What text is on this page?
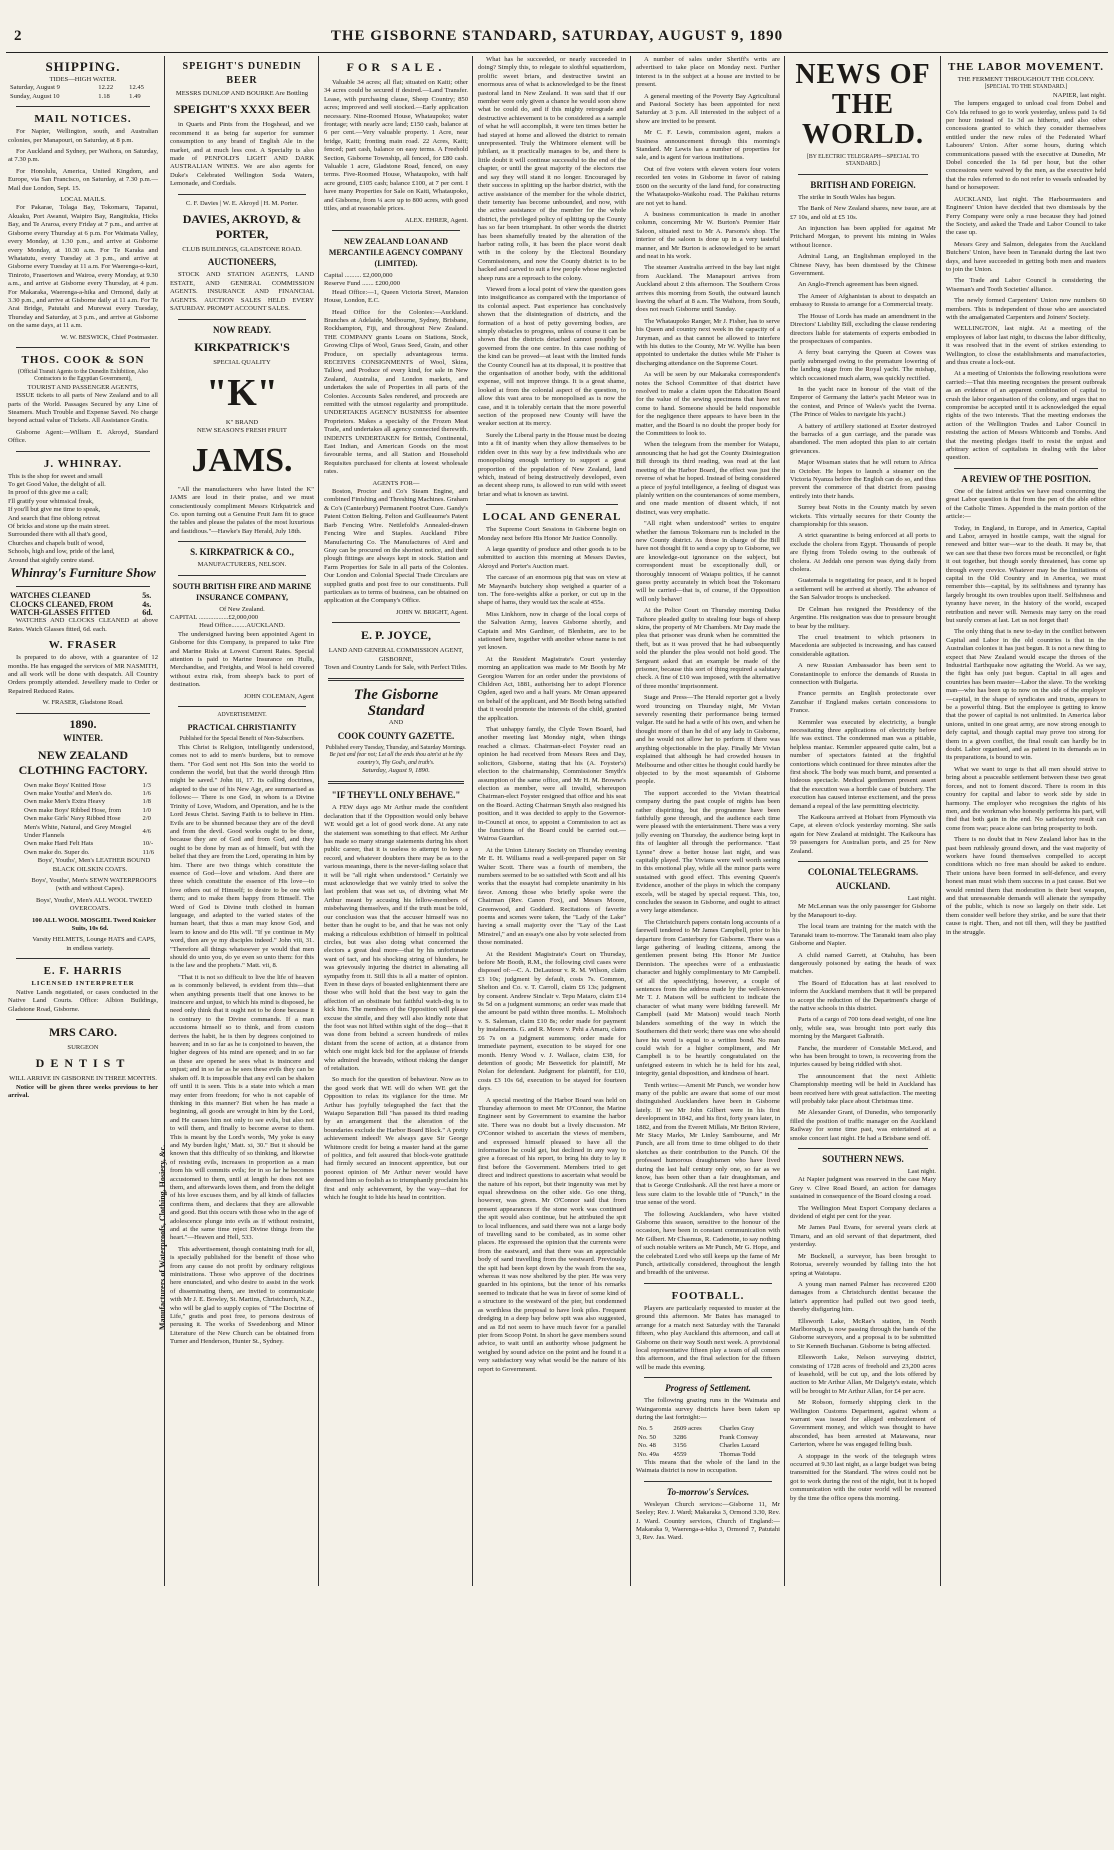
2	THE GISBORNE STANDARD, SATURDAY, AUGUST 9, 1890
SHIPPING.
TIDES—HIGH WATER.
Saturday, August 9	12.22	12.45
Sunday, August 10	1.18	1.49
MAIL NOTICES.

For Napier, Wellington, south, and Australian colonies, per Manapouri, on Saturday, at 8 p.m.

For Auckland and Sydney, per Waihora, on Saturday, at 7.30 p.m.

For Honolulu, America, United Kingdom, and Europe, via San Francisco, on Saturday, at 7.30 p.m.—Mail due London, Sept. 15.

LOCAL MAILS.

For Pakarae, Tolaga Bay, Tokomaru, Tapanui, Akuaku, Port Awanui, Waipiro Bay, Rangitukia, Hicks Bay, and Te Araroa, every Friday at 7 p.m., and arrive at Gisborne every Thursday at 6 p.m. For Waimata Valley, every Monday, at 1.30 p.m., and arrive at Gisborne every Monday, at 10.30 a.m. For Te Karaka and Whatatutu, every Tuesday at 3 p.m., and arrive at Gisborne every Tuesday at 11 a.m. For Waerenga-o-kuri, Tiniroto, Frasertown and Wairoa, every Monday, at 9.30 a.m., and arrive at Gisborne every Thursday, at 4 p.m. For Makaraka, Waerenga-a-hika and Ormond, daily at 3.30 p.m., and arrive at Gisborne daily at 11 a.m. For Te Arai Bridge, Patutahi and Murewai every Tuesday, Thursday and Saturday, at 3 p.m., and arrive at Gisborne on the same days, at 11 a.m.

W. W. BESWICK, Chief Postmaster.
THOS. COOK & SON
(Official Transit Agents to the Dunedin Exhibition, Also Contractors to the Egyptian Government),
TOURIST AND PASSENGER AGENTS,

ISSUE tickets to all parts of New Zealand and to all parts of the World. Passages Secured by any Line of Steamers. Much Trouble and Expense Saved. No charge beyond actual value of Tickets. All Assistance Gratis.

Gisborne Agent:—William E. Akroyd, Standard Office.

J. WHINRAY.
This is the shop for sweet and small
To get Good Value, the delight of all.
In proof of this give me a call;
I'll gratify your whimsical freak,
If you'll but give me time to speak,
And search that fine oblong retreat
Of bricks and stone up the main street.
Surrounded there with all that's good,
Churches and chapels built of wood,
Schools, high and low, pride of the land,
Around that sightly centre stand.
Whinray's Furniture Show
WATCHES CLEANED	5s.
CLOCKS CLEANED, FROM	4s.
WATCH-GLASSES FITTED	6d.

WATCHES AND CLOCKS CLEANED at above Rates. Watch Glasses fitted, 6d. each.

W. FRASER

Is prepared to do above, with a guarantee of 12 months. He has engaged the services of MR NASMITH, and all work will be done with despatch. All Country Orders promptly attended. Jewellery made to Order or Repaired Reduced Rates.

W. FRASER, Gladstone Road.
1890.
WINTER.
NEW ZEALAND CLOTHING FACTORY.
Own make Boys' Knitted Hose	1/3
Own make Youths' and Men's do.	1/6
Own make Men's Extra Heavy	1/8
Own make Boys' Ribbed Hose, from	1/0
Own make Girls' Navy Ribbed Hose	2/0
Men's White, Natural, and Grey Mosgiel Under Flannels	4/6
Own make Hard Felt Hats	10/-
Own make do. Super do.	11/6

Boys', Youths', Men's LEATHER BOUND BLACK OILSKIN COATS.

Boys', Youths', Men's SEWN WATERPROOFS (with and without Capes).

Boys', Youths', Men's ALL WOOL TWEED OVERCOATS.

100 ALL WOOL MOSGIEL Tweed Knicker Suits, 10s 6d.

Varsity HELMETS, Lounge HATS and CAPS, in endless variety.

E. F. HARRIS
LICENSED INTERPRETER

Native Lands negotiated, or cases conducted in the Native Land Courts. Office: Albion Buildings, Gladstone Road, Gisborne.

MRS CARO.
SURGEON
DENTIST
WILL ARRIVE IN GISBORNE IN THREE MONTHS.

Notice will be given three weeks previous to her arrival.

SPEIGHT'S DUNEDIN BEER
MESSRS DUNLOP AND BOURKE Are Bottling
SPEIGHT'S XXXX BEER

in Quarts and Pints from the Hogshead, and we recommend it as being far superior for summer consumption to any brand of English Ale in the market, and at much less cost. A Specialty is also made of PENFOLD'S LIGHT AND DARK AUSTRALIAN WINES. We are also agents for Duke's Celebrated Wellington Soda Waters, Lemonade, and Cordials.

C. F. Davies | W. E. Akroyd | H. M. Porter.
DAVIES, AKROYD, & PORTER,
CLUB BUILDINGS, GLADSTONE ROAD.
AUCTIONEERS,

STOCK AND STATION AGENTS, LAND ESTATE, AND GENERAL COMMISSION AGENTS. INSURANCE AND FINANCIAL AGENTS. AUCTION SALES HELD EVERY SATURDAY. PROMPT ACCOUNT SALES.

NOW READY.
KIRKPATRICK'S
SPECIAL QUALITY
"K"
K" BRAND
NEW SEASON'S FRESH FRUIT
JAMS.

"All the manufacturers who have listed the K" JAMS are loud in their praise, and we must conscientiously compliment Messrs Kirkpatrick and Co. upon turning out a Genuine Fruit Jam fit to grace the tables and please the palates of the most luxurious and fastidious."—Hawke's Bay Herald, July 18th.

S. KIRKPATRICK & CO.,
MANUFACTURERS, NELSON.
SOUTH BRITISH FIRE AND MARINE INSURANCE COMPANY,
Of New Zealand.
CAPITAL ..................£2,000,000
Head Office.........AUCKLAND.

The undersigned having been appointed Agent in Gisborne for this Company, is prepared to take Fire and Marine Risks at Lowest Current Rates. Special attention is paid to Marine Insurance on Hulls, Merchandise, and Freights, and Wool is held covered without extra risk, from sheep's back to port of destination.

JOHN COLEMAN, Agent
ADVERTISEMENT.
PRACTICAL CHRISTIANITY
Published for the Special Benefit of Non-Subscribers.

This Christ is Religion, intelligently understood, comes not to add to men's burdens, but to remove them. "For God sent not His Son into the world to condemn the world, but that the world through Him might be saved." John iii, 17. Its calling doctrines, adapted to the use of his New Age, are summarised as follows:— There is one God, in whom is a Divine Trinity of Love, Wisdom, and Operation, and he is the Lord Jesus Christ. Saving Faith is to believe in Him. Evils are to be shunned because they are of the devil and from the devil. Good works ought to be done, because they are of God and from God, and they ought to be done by man as of himself, but with the belief that they are from the Lord, operating in him by him. There are two things which constitute the essence of God—love and wisdom. And there are three which constitute the essence of His love—to love others out of Himself; to desire to be one with them; and to make them happy from Himself. The Word of God is Divine truth clothed in human language, and adapted to the varied states of the human heart, that thus a man may know God, and learn to know and do His will. "If ye continue in My word, then are ye my disciples indeed." John viii, 31. "Therefore all things whatsoever ye would that men should do unto you, do ye even so unto them: for this is the law and the prophets." Matt. vii, 8.

"That it is not so difficult to live the life of heaven as is commonly believed, is evident from this—that when anything presents itself that one knows to be insincere and unjust, to which his mind is disposed, he need only think that it ought not to be done because it is contrary to the Divine commands. If a man accustoms himself so to think, and from custom derives the habit, he is then by degrees conjoined to heaven; and in so far as he is conjoined to heaven, the higher degrees of his mind are opened; and in so far as these are opened he sees what is insincere and unjust; and in so far as he sees these evils they can be shaken off. It is impossible that any evil can be shaken off until it is seen. This is a state into which a man may enter from freedom; for who is not capable of thinking in this manner? But when he has made a beginning, all goods are wrought in him by the Lord, and He causes him not only to see evils, but also not to will them, and finally to become averse to them. This is meant by the Lord's words, 'My yoke is easy and My burden light,' Matt. xi, 30." But it should be known that this difficulty of so thinking, and likewise of resisting evils, increases in proportion as a man from his will commits evils; for in so far he becomes accustomed to them, until at length he does not see them, and afterwards loves them, and from the delight of his love excuses them, and by all kinds of fallacies confirms them, and declares that they are allowable and good. But this occurs with those who in the age of adolescence plunge into evils as if without restraint, and at the same time reject Divine things from the heart."—Heaven and Hell, 533.

This advertisement, though containing truth for all, is specially published for the benefit of those who from any cause do not profit by ordinary religious ministrations. Those who approve of the doctrines here enunciated, and who desire to assist in the work of disseminating them, are invited to communicate with Mr J. E. Bowley, St. Martins, Christchurch, N.Z., who will be glad to supply copies of "The Doctrine of Life," gratis and post free, to persons desirous of perusing it. The works of Swedenborg and Minor Literature of the New Church can be obtained from Turner and Henderson, Hunter St., Sydney.

Manufacturers of Waterproofs, Clothing, Hosiery, &c.
FOR SALE.

Valuable 34 acres; all flat; situated on Kaiti; other 34 acres could be secured if desired.—Land Transfer. Lease, with purchasing clause, Sheep Country; 850 acres; improved and well stocked.—Early application necessary. Nine-Roomed House, Whataupoko; water frontage; with nearly acre land; £150 cash, balance at 6 per cent.—Very valuable property. 1 Acre, near bridge, Kaiti; fronting main road. 22 Acres, Kaiti; fenced; part cash, balance on easy terms. A Freehold Section, Gisborne Township, all fenced, for £80 cash. Valuable 1 acre, Gladstone Road, fenced, on easy terms. Five-Roomed House, Whataupoko, with half acre ground, £105 cash; balance £100, at 7 per cent. I have many Properties for Sale on Kaiti, Whataupoko, and Gisborne, from ¼ acre up to 800 acres, with good titles, and at reasonable prices.

ALEX. EHRER, Agent.
NEW ZEALAND LOAN AND MERCANTILE AGENCY COMPANY (LIMITED).
Capital .......... £2,000,000
Reserve Fund ....... £200,000

Head Office:—1, Queen Victoria Street, Mansion House, London, E.C.

Head Office for the Colonies:—Auckland. Branches at Adelaide, Melbourne, Sydney, Brisbane, Rockhampton, Fiji, and throughout New Zealand. THE COMPANY grants Loans on Stations, Stock, Growing Clips of Wool, Grass Seed, Grain, and other Produce, on specially advantageous terms. RECEIVES CONSIGNMENTS of Wool, Skins, Tallow, and Produce of every kind, for sale in New Zealand, Australia, and London markets, and undertakes the sale of Properties in all parts of the Colonies. Accounts Sales rendered, and proceeds are remitted with the utmost regularity and promptitude. UNDERTAKES AGENCY BUSINESS for absentee Proprietors. Makes a specialty of the Frozen Meat Trade, and undertakes all agency connected therewith. INDENTS UNDERTAKEN for British, Continental, East Indian, and American Goods on the most favourable terms, and all Station and Household Requisites purchased for clients at lowest wholesale rates.

AGENTS FOR—

Boston, Proctor and Co's Steam Engine, and combined Finishing and Threshing Machines. Graham & Co's (Canterbury) Permanent Footrot Cure. Gandy's Patent Cotton Belting. Felton and Guilleaume's Patent Barb Fencing Wire. Nettlefold's Annealed-drawn Fencing Wire and Staples. Auckland Fibre Manufacturing Co. The Manufactures of Aird and Gray can be procured on the shortest notice, and their plough fittings are always kept in stock. Station and Farm Properties for Sale in all parts of the Colonies. Our London and Colonial Special Trade Circulars are supplied gratis and post free to our constituents. Full particulars as to terms of business, can be obtained on application at the Company's Office.

JOHN W. BRIGHT, Agent.
E. P. JOYCE,
LAND AND GENERAL COMMISSION AGENT, GISBORNE,
Town and Country Lands for Sale, with Perfect Titles.
The Gisborne Standard
AND
COOK COUNTY GAZETTE.
Published every Tuesday, Thursday, and Saturday Mornings.
Be just and fear not; Let all the ends thou aim'st at be thy country's, Thy God's, and truth's.
Saturday, August 9, 1890.
"IF THEY'LL ONLY BEHAVE."

A FEW days ago Mr Arthur made the confident declaration that if the Opposition would only behave WE would get a lot of good work done. At any rate the statement was something to that effect. Mr Arthur has made so many strange statements during his short public career, that it is useless to attempt to keep a record, and whatever doubters there may be as to the various meanings, there is the never-failing solace that it will be "all right when understood." Certainly we must acknowledge that we vainly tried to solve the last problem that was set us, of divining what Mr Arthur meant by accusing his fellow-members of misbehaving themselves, and if the truth must be told, our conclusion was that the accuser himself was no better than he ought to be, and that he was not only making a ridiculous exhibition of himself in political circles, but was also doing what concerned the electors a great deal more—that by his unfortunate want of tact, and his shocking string of blunders, he was grievously injuring the district in alienating all sympathy from it. Still this is all a matter of opinion. Even in these days of boasted enlightenment there are those who will hold that the best way to gain the affection of an obstinate but faithful watch-dog is to kick him. The members of the Opposition will please excuse the simile, and they will also kindly note that the foot was not lifted within sight of the dog—that it was done from behind a screen hundreds of miles distant from the scene of action, at a distance from which one might kick bid for the applause of friends who admired the bravado, without risking the danger of retaliation.

So much for the question of behaviour. Now as to the good work that WE will do when WE get the Opposition to relax its vigilance for the time. Mr Arthur has joyfully telegraphed the fact that the Waiapu Separation Bill "has passed its third reading by an arrangement that the alteration of the boundaries exclude the Harbor Board Block." A pretty achievement indeed! We always gave Sir George Whitmore credit for being a master hand at the game of politics, and felt assured that block-vote gratitude had firmly secured an innocent apprentice, but our poorest opinion of Mr Arthur never would have deemed him so foolish as to triumphantly proclaim his first and only achievement, by the way—that for which he fought to hide his head in contrition.

What has he succeeded, or nearly succeeded in doing? Simply this, to relegate to slothful squatterdom, prolific sweet briars, and destructive tawini an enormous area of what is acknowledged to be the finest pastoral land in New Zealand. It was said that if our member were only given a chance he would soon show what he could do, and if this mighty retrograde and destructive achievement is to be considered as a sample of what he will accomplish, it were ten times better he had stayed at home and allowed the district to remain unrepresented. Truly the Whitmore element will be jubilant, as it practically manages to be, and there is little doubt it will continue successful to the end of the chapter, or until the great majority of the electors rise and say they will stand it no longer. Encouraged by their success in splitting up the harbor district, with the active assistance of the member for the whole district, their temerity has become unbounded, and now, with the active assistance of the member for the whole district, the privileged policy of splitting up the County has so far been triumphant. In other words the district has been shamefully treated by the alteration of the harbor rating rolls, it has been the place worst dealt with in the colony by the Electoral Boundary Commissioners, and now the County district is to be hacked and carved to suit a few people whose neglected sheep runs are a reproach to the colony.

Viewed from a local point of view the question goes into insignificance as compared with the importance of its colonial aspect. Past experience has conclusively shown that the disintegration of districts, and the formation of a host of petty governing bodies, are simply obstacles to progress, unless of course it can be shown that the districts detached cannot possibly be governed from the one centre. In this case nothing of the kind can be proved—at least with the limited funds the County Council has at its disposal, it is positive that the organisation of another body, with the additional expense, will not improve things. It is a great shame, looked at from the colonial aspect of the question, to allow this vast area to be monopolised as is now the case, and it is tolerably certain that the more powerful section of the proposed new County will have the weaker section at its mercy.

Surely the Liberal party in the House must be dozing into a fit of inanity when they allow themselves to be ridden over in this way by a few individuals who are monopolising enough territory to support a great proportion of the population of New Zealand, land which, instead of being destructively developed, even as decent sheep runs, is allowed to run wild with sweet briar and what is known as tawini.

LOCAL AND GENERAL

The Supreme Court Sessions in Gisborne begin on Monday next before His Honor Mr Justice Connolly.

A large quantity of produce and other goods is to be submitted to auction this morning at Messrs Davies, Akroyd and Porter's Auction mart.

The carcase of an enormous pig that was on view at Mr Maynard's butchery shop weighed a quarter of a ton. The fore-weights alike a porker, or cut up in the shape of hams, they would tax the scale at 455s.

Miss Linkhorn, now in charge of the local corps of the Salvation Army, leaves Gisborne shortly, and Captain and Mrs Gardiner, of Blenheim, are to be stationed here, together with another whose name is not yet known.

At the Resident Magistrate's Court yesterday morning an application was made to Mr Booth by Mr Georgiou Warren for an order under the provisions of Children Act, 1881, authorising her to adopt Florence Ogden, aged two and a half years. Mr Oman appeared on behalf of the applicant, and Mr Booth being satisfied that it would promote the interests of the child, granted the application.

That unhappy family, the Clyde Town Board, had another meeting last Monday night, when things reached a climax. Chairman-elect Foyster read an opinion he had received from Messrs Rees and Day, solicitors, Gisborne, stating that his (A. Foyster's) election to the chairmanship, Commissioner Smyth's assumption of the same office, and Mr H. M. Browne's election as member, were all invalid, whereupon Chairman-elect Foyster resigned that office and his seat on the Board. Acting Chairman Smyth also resigned his position, and it was decided to apply to the Governor-in-Council at once, to appoint a Commission to act as the functions of the Board could be carried out.—Wairoa Guardian.

At the Union Literary Society on Thursday evening Mr E. H. Williams read a well-prepared paper on Sir Walter Scott. There was a fourth of members, the numbers seemed to be so satisfied with Scott and all his works that the essayist had complete unanimity in his favor. Among those who briefly spoke were the Chairman (Rev. Canon Fox), and Messrs Moore, Greenwood, and Goddard. Recitations of favorite poems and scenes were taken, the "Lady of the Lake" having a small majority over the "Lay of the Last Minstrel," and an essay's one also by vote selected from those nominated.

At the Resident Magistrate's Court on Thursday, before Mr Booth, R.M., the following civil cases were disposed of:—C. A. DeLautour v. R. M. Wilson, claim £3 10s; judgment by default, costs 7s. Common, Shelton and Co. v. T. Carroll, claim £6 13s; judgment by consent. Andrew Sinclair v. Tepu Mataro, claim £14 9s 5d on a judgment summons; an order was made that the amount be paid within three months. L. Moltshoch v. S. Saleman, claim £10 8s; order made for payment by instalments. G. and R. Moore v. Pehi a Amaru, claim £6 7s on a judgment summons; order made for immediate payment, execution to be stayed for one month. Henry Wood v. J. Wallace, claim £38, for detention of goods; Mr Beswetick for plaintiff, Mr Nolan for defendant. Judgment for plaintiff, for £10, costs £3 10s 6d, execution to be stayed for fourteen days.

A special meeting of the Harbor Board was held on Thursday afternoon to meet Mr O'Connor, the Marine Engineer sent by Government to examine the harbor site. There was no doubt but a lively discussion. Mr O'Connor wished to ascertain the views of members, and expressed himself pleased to have all the information he could get, but declined in any way to give a forecast of his report, to bring his duty to lay it first before the Government. Members tried to get direct and indirect questions to ascertain what would be the nature of his report, but their ingenuity was met by equal shrewdness on the other side. Go one thing, however, was given. Mr O'Connor said that from present appearances if the stone work was continued the spit would also continue, but he attributed the spit to local influences, and said there was not a large body of travelling sand to be combated, as in some other places. He expressed the opinion that the currents were from the eastward, and that there was an appreciable body of sand travelling from the westward. Previously the spit had been kept down by the wash from the sea, whereas it was now sheltered by the pier. He was very guarded in his opinions, but the tenor of his remarks seemed to indicate that he was in favor of some kind of a structure to the westward of the pier, but condemned as worthless the proposal to have look piles. Frequent dredging in a deep bay below spit was also suggested, and as Ed not seem to have much favor for a parallel pier from Scoop Point. In short he gave members sound advice, to wait until an authority whose judgment he weighed by sound advice on the point and he found it a very satisfactory way what would be the nature of his report to Government.

A number of sales under Sheriff's writs are advertised to take place on Monday next. Further interest is in the subject at a house are invited to be present.

A general meeting of the Poverty Bay Agricultural and Pastoral Society has been appointed for next Saturday at 3 p.m. All interested in the subject of a show are invited to be present.

Mr C. F. Lewis, commission agent, makes a business announcement through this morning's Standard. Mr Lewis has a number of properties for sale, and is agent for various institutions.

Out of five voters with eleven voters four voters recorded ten votes in Gisborne in favor of raising £600 on the security of the land fund, for constructing the Whataupoko-Waikohu road. The Pakihau returns are not yet to hand.

A business communication is made in another column, concerning Mr W. Burton's Premier Hair Saloon, situated next to Mr A. Parsons's shop. The interior of the saloon is done up in a very tasteful manner, and Mr Burton is acknowledged to be smart and neat in his work.

The steamer Australia arrived in the bay last night from Auckland. The Manapouri arrives from Auckland about 2 this afternoon. The Southern Cross arrives this morning from South, the outward launch leaving the wharf at 8 a.m. The Waihora, from South, does not reach Gisborne until Sunday.

The Whataupoko Ranger, Mr J. Fisher, has to serve his Queen and country next week in the capacity of a Juryman, and as that cannot be allowed to interfere with his duties to the County, Mr W. Wyllie has been appointed to undertake the duties while Mr Fisher is discharging attendance on the Supreme Court.

As will be seen by our Makaraka correspondent's notes the School Committee of that district have resolved to make a claim upon the Education Board for the value of the sewing specimens that have not come to hand. Someone should be held responsible for the negligence there appears to have been in the matter, and the Board is no doubt the proper body for the Committees to look to.

When the telegram from the member for Waiapu, announcing that he had got the County Disintegration Bill through its third reading, was read at the last meeting of the Harbor Board, the effect was just the reverse of what he hoped. Instead of being considered a piece of joyful intelligence, a feeling of disgust was plainly written on the countenances of some members, and one made mention of dissent which, if not distinct, was very emphatic.

"All right when understood" writes to enquire whether the famous Tokomaru run is included in the new County district. As those in charge of the Bill have not thought fit to send a copy up to Gisborne, we are knowledge-out ignorance on the subject, but correspondent must be exceptionally dull, or thoroughly innocent of Waiapu politics, if he cannot guess pretty accurately in which boat the Tokomaru will be carried—that is, of course, if the Opposition will only behave!

At the Police Court on Thursday morning Daika Taihore pleaded guilty to stealing four bags of sheep skins, the property of Mr Chambers. Mr Day made the plea that prisoner was drunk when he committed the theft, but as it was proved that he had subsequently sold the plunder the plea would not hold good. The Sergeant asked that an example be made of the prisoner, because this sort of thing required a salutary check. A fine of £10 was imposed, with the alternative of three months' imprisonment.

Stage and Press—The Herald reporter got a lively word trouncing on Thursday night, Mr Vivian severely resenting their performance being termed vulgar. He said he had a wife of his own, and when he thought more of than he did of any lady in Gisborne, and he would not allow her to perform if there was anything objectionable in the play. Finally Mr Vivian explained that although he had crowded houses in Melbourne and other cities he thought could hardly be objected to by the most squeamish of Gisborne people.

The support accorded to the Vivian theatrical company during the past couple of nights has been rather dispiriting, but the programme have been faithfully gone through, and the audience each time were pleased with the entertainment. There was a very jolly evening on Thursday, the audience being kept in fits of laughter all through the performance. "East Lynne" drew a better house last night, and was capitally played. The Vivians were well worth seeing in this emotional play, while all the minor parts were sustained with good effect. This evening Queen's Evidence, another of the plays in which the company excels, will be staged by special request. This, too, concludes the season in Gisborne, and ought to attract a very large attendance.

The Christchurch papers contain long accounts of a farewell tendered to Mr James Campbell, prior to his departure from Canterbury for Gisborne. There was a large gathering of leading citizens, among the gentlemen present being His Honor Mr Justice Denniston. The speeches were of a enthusiastic character and highly complimentary to Mr Campbell. Of all the speechifying, however, a couple of sentences from the address made by the well-known Mr T. J. Matson will be sufficient to indicate the character of what many were bidding farewell. Mr Campbell (said Mr Matson) would teach North Islanders something of the way in which the Southerners did their work; there was one who should have his word is equal to a written bond. No man could wish for a higher compliment, and Mr Campbell is to be heartily congratulated on the unfeigned esteem in which he is held for his zeal, integrity, genial disposition, and kindness of heart.

Tenth writes:—Amenit Mr Punch, we wonder how many of the public are aware that some of our most distinguished Aucklanders have been in Gisborne lately. If we Mr John Gilbert were in his first development in 1842, and his first, forty years later, in 1882, and from the Everett Millais, Mr Briton Riviere, Mr Stacy Marks, Mr Linley Sambourne, and Mr Punch, are all from time to time obliged to do their sketches as their contribution to the Punch. Of the professed humorous draughtsmen who have lived during the last half century only one, so far as we know, has been other than a fair draughtsman, and that is George Cruikshank. All the rest have a more or less sure claim to the lovable title of "Punch," in the true sense of the word.

The following Aucklanders, who have visited Gisborne this season, sensitive to the honour of the occasion, have been in constant communication with Mr Gilbert. Mr Chasmus, R. Cadenotte, to say nothing of such notable writers as Mr Punch, Mr G. Hope, and the celebrated Lord who still keeps up the fame of Mr Punch, artistically considered, throughout the length and breadth of the universe.

FOOTBALL.

Players are particularly requested to muster at the ground this afternoon. Mr Bates has managed to arrange for a match next Saturday with the Taranaki fifteen, who play Auckland this afternoon, and call at Gisborne on their way South next week. A provisional local representative fifteen play a team of all comers this afternoon, and the final selection for the fifteen will be made this evening.

Progress of Settlement.

The following grazing runs in the Waimata and Waingaromia survey districts have been taken up during the last fortnight:—

No. 5	2609 acres	Charles Gray
No. 50	3286	Frank Conway
No. 48	3156	Charles Lazard
No. 49a	4559	Thomas Todd

This means that the whole of the land in the Waimata district is now in occupation.

To-morrow's Services.

Wesleyan Church services:—Gisborne 11, Mr Seeley; Rev. J. Ward; Makaraka 3, Ormond 3.30, Rev. J. Ward. Country services, Church of England:—Makaraka 9, Waerenga-a-hika 3, Ormond 7, Patutahi 3, Rev. Jas. Ward.

NEWS OF THE WORLD.
[BY ELECTRIC TELEGRAPH—SPECIAL TO STANDARD.]
BRITISH AND FOREIGN.

The strike in South Wales has begun.

The Bank of New Zealand shares, new issue, are at £7 10s, and old at £5 10s.

An injunction has been applied for against Mr Pritchard Morgan, to prevent his mining in Wales without licence.

Admiral Lang, an Englishman employed in the Chinese Navy, has been dismissed by the Chinese Government.

An Anglo-French agreement has been signed.

The Ameer of Afghanistan is about to despatch an embassy to Russia to arrange for a Commercial treaty.

The House of Lords has made an amendment in the Directors' Liability Bill, excluding the clause rendering directors liable for statements of experts embodied in the prospectuses of companies.

A ferry boat carrying the Queen at Cowes was partly submerged owing to the premature lowering of the landing stage from the Royal yacht. The mishap, which occasioned much alarm, was quickly rectified.

In the yacht race in honour of the visit of the Emperor of Germany the latter's yacht Meteor was in the contest, and Prince of Wales's yacht the Iverna. (The Prince of Wales to navigate his yacht.)

A battery of artillery stationed at Exeter destroyed the barracks of a gun carriage, and the parade was abandoned. The men adopted this plan to air certain grievances.

Major Wissman states that he will return to Africa in October. He hopes to launch a steamer on the Victoria Nyanza before the English can do so, and thus prevent the commerce of that district from passing entirely into their hands.

Surrey beat Notts in the County match by seven wickets. This virtually secures for their County the championship for this season.

A strict quarantine is being enforced at all ports to exclude the cholera from Egypt. Thousands of people are flying from Toledo owing to the outbreak of cholera. At Jeddah one person was dying daily from cholera.

Guatemala is negotiating for peace, and it is hoped a settlement will be arrived at shortly. The advance of the San Salvador troops is unchecked.

Dr Celman has resigned the Presidency of the Argentine. His resignation was due to pressure brought to bear by the military.

The cruel treatment to which prisoners in Macedonia are subjected is increasing, and has caused considerable agitation.

A new Russian Ambassador has been sent to Constantinople to enforce the demands of Russia in connection with Bulgaria.

France permits an English protectorate over Zanzibar if England makes certain concessions to France.

Kemmler was executed by electricity, a bungle necessitating three applications of electricity before life was extinct. The condemned man was a pitiable, helpless maniac. Kemmler appeared quite calm, but a number of spectators fainted at the frightful contortions which continued for three minutes after the first shock. The body was much burnt, and presented a hideous spectacle. Medical gentlemen present assert that the execution was a horrible case of butchery. The execution has caused intense excitement, and the press demand a repeal of the law permitting electricity.

The Kaikoura arrived at Hobart from Plymouth via Cape, at eleven o'clock yesterday morning. She sails again for New Zealand at midnight. The Kaikoura has 59 passengers for Australian ports, and 25 for New Zealand.

COLONIAL TELEGRAMS.
AUCKLAND.
Last night.

Mr McLennan was the only passenger for Gisborne by the Manapouri to-day.

The local team are training for the match with the Taranaki team to-morrow. The Taranaki team also play Gisborne and Napier.

A child named Garrett, at Otahuhu, has been dangerously poisoned by eating the heads of wax matches.

The Board of Education has at last resolved to inform the Auckland members that it will be prepared to accept the reduction of the Department's charge of the native schools in this district.

Parts of a cargo of 700 tons dead weight, of one line only, while sea, was brought into port early this morning by the Margaret Galbraith.

Fanche, the murderer of Constable McLeod, and who has been brought to town, is recovering from the injuries caused by being riddled with shot.

The announcement that the next Athletic Championship meeting will be held in Auckland has been received here with great satisfaction. The meeting will probably take place about Christmas time.

Mr Alexander Grant, of Dunedin, who temporarily filled the position of traffic manager on the Auckland Railway for some time past, was entertained at a smoke concert last night. He had a Brisbane send off.

SOUTHERN NEWS.
Last night.

At Napier judgment was reserved in the case Mary Grey v. Clive Road Board, an action for damages sustained in consequence of the Board closing a road.

The Wellington Meat Export Company declares a dividend of eight per cent for the year.

Mr James Paul Evans, for several years clerk at Timaru, and an old servant of that department, died yesterday.

Mr Bucknell, a surveyor, has been brought to Rotorua, severely wounded by falling into the hot spring at Waiotapu.

A young man named Palmer has recovered £200 damages from a Christchurch dentist because the latter's apprentice had pulled out two good teeth, thereby disfiguring him.

Ellsworth Lake, McRae's station, in North Marlborough, is now passing through the hands of the Gisborne surveyors, and a proposal is to be submitted to Sir Kenneth Buchanan. Gisborne is being affected.

Ellesworth Lake, Nelson surveying district, consisting of 1728 acres of freehold and 23,200 acres of leasehold, will be cut up, and the lots offered by auction to Mr Arthur Allan, Mr Dalgety's estate, which will be brought to Mr Arthur Allan, for £4 per acre.

Mr Robson, formerly shipping clerk in the Wellington Customs Department, against whom a warrant was issued for alleged embezzlement of Government money, and which was thought to have absconded, has been arrested at Matawana, near Carterton, where he was engaged felling bush.

A stoppage in the work of the telegraph wires occurred at 9.30 last night, as a large budget was being transmitted for the Standard. The wires could not be got to work during the rest of the night, but it is hoped communication with the outer world will be resumed by the time the office opens this morning.

THE LABOR MOVEMENT.
THE FERMENT THROUGHOUT THE COLONY.
[SPECIAL TO THE STANDARD.]
NAPIER, last night.

The lumpers engaged to unload coal from Dobel and Co's Ida refused to go to work yesterday, unless paid 1s 6d per hour instead of 1s 3d as hitherto, and also other concessions granted to which they consider themselves entitled under the new rules of the Federated Wharf Labourers' Union. After some hours, during which communications passed with the executive at Dunedin, Mr Dobel conceded the 1s 6d per hour, but the other concessions were waived by the men, as the executive held that the rules referred to do not refer to vessels unloaded by hand or horsepower.

AUCKLAND, last night. The Harbourmasters and Engineers' Union have decided that two dismissals by the Ferry Company were only a ruse because they had joined the Society, and asked the Trade and Labor Council to take the case up.

Messrs Grey and Salmon, delegates from the Auckland Butchers' Union, have been in Taranaki during the last two days, and have succeeded in getting both men and masters to join the Union.

The Trade and Labor Council is considering the Wiseman's and Tooth Societies' alliance.

The newly formed Carpenters' Union now numbers 60 members. This is independent of those who are associated with the amalgamated Carpenters and Joiners' Society.

WELLINGTON, last night. At a meeting of the employees of labor last night, to discuss the labor difficulty, it was resolved that in the event of strikes extending to Wellington, to close the establishments and manufactories, and thus create a lock-out.

At a meeting of Unionists the following resolutions were carried:—That this meeting recognises the present outbreak as an evidence of an apparent combination of capital to crush the labor organisation of the colony, and urges that no compromise be accepted until it is acknowledged the equal rights of the two interests. That the meeting endorses the action of the Wellington Trades and Labor Council in resisting the action of Messrs Whitcomb and Tombs. And that the meeting pledges itself to resist the unjust and arbitrary action of capitalists in dealing with the labor question.

A REVIEW OF THE POSITION.

One of the fairest articles we have read concerning the great Labor question is that from the pen of the able editor of the Catholic Times. Appended is the main portion of the article:—

Today, in England, in Europe, and in America, Capital and Labor, arrayed in hostile camps, wait the signal for renewed and bitter war—war to the death. It may be, that we can see that these two forces must be reconciled, or fight it out together, but though sorely threatened, has come up through every crevice. Whatever may be the limitations of capital in the Old Country and in America, we must remember this—capital, by its selfishness and tyranny has largely brought its own troubles upon itself. Selfishness and tyranny have never, in the history of the world, escaped retribution and never will. Nemesis may tarry on the road but surely comes at last. Let us not forget that!

The only thing that is new to-day in the conflict between Capital and Labor in the old countries is that in the Australian colonies it has just begun. It is not a new thing to expect that New Zealand would escape the throes of the Industrial Earthquake now agitating the World. As we say, the fight has only just begun. Capital in all ages and countries has been master—Labor the slave. To the working man—who has been up to now on the side of the employer—capital, in the shape of syndicates and trusts, appears to be a powerful thing. But the employee is getting to know that the power of capital is not unlimited. In America labor unions, united in one great army, are now strong enough to defy capital, and though capital may prove too strong for them in a given conflict, the final result can hardly be in doubt. Labor organised, and as patient in its demands as in its preparations, is bound to win.

What we want to urge is that all men should strive to bring about a peaceable settlement between these two great forces, and not to foment discord. There is room in this country for capital and labor to work side by side in harmony. The employer who recognises the rights of his men, and the workman who honestly performs his part, will find that both gain in the end. No satisfactory result can come from war; peace alone can bring prosperity to both.

There is no doubt that in New Zealand labor has in the past been ruthlessly ground down, and the vast majority of workers have found themselves compelled to accept conditions which no free man should be asked to endure. Their unions have been formed in self-defence, and every honest man must wish them success in a just cause. But we would remind them that moderation is their best weapon, and that unreasonable demands will alienate the sympathy of the public, which is now so largely on their side. Let them consider well before they strike, and be sure that their cause is right. Then, and not till then, will they be justified in the struggle.
